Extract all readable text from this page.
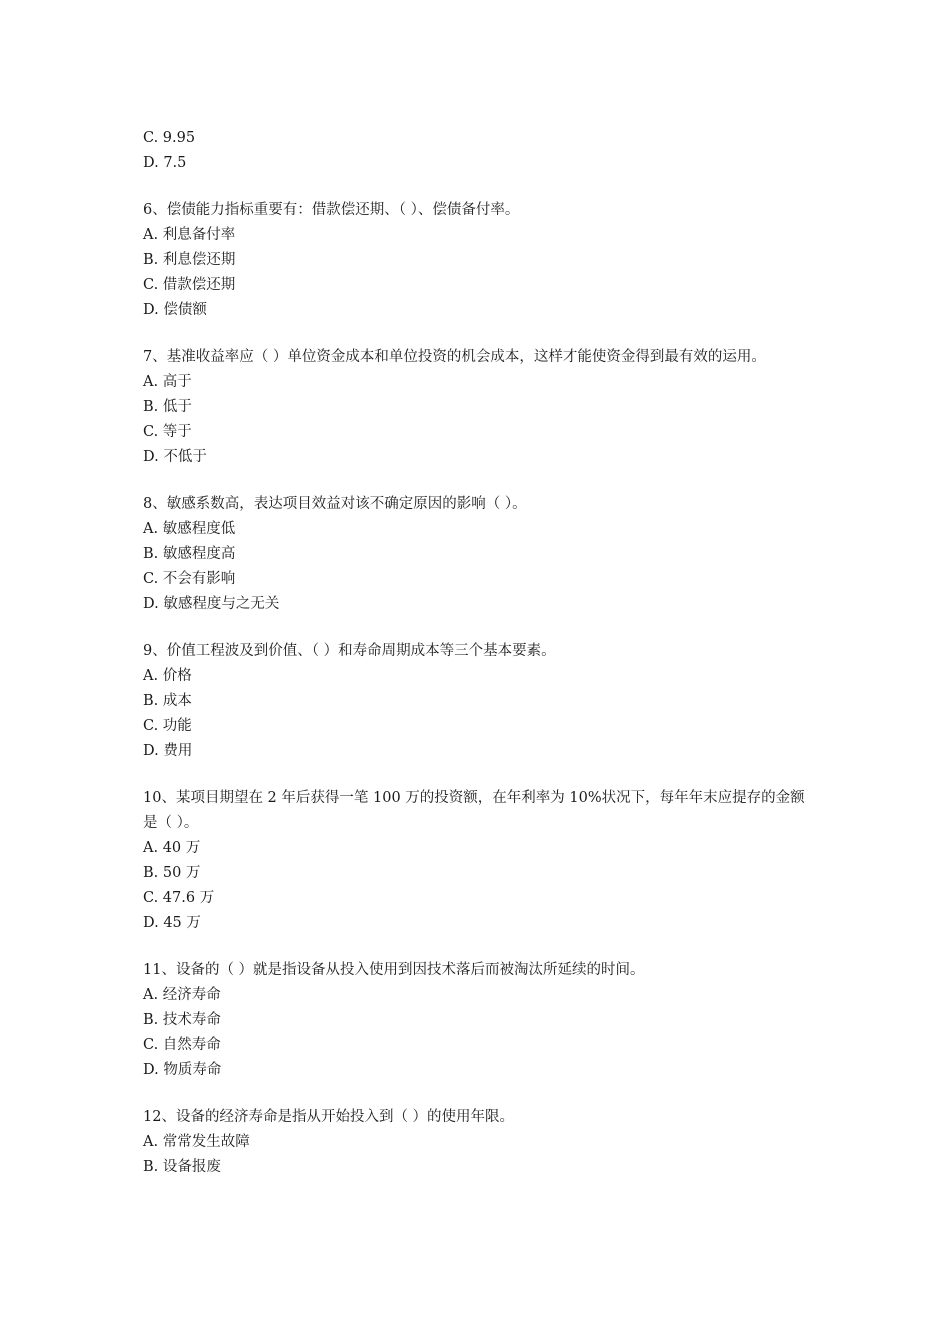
C. 9.95

D. 7.5

6、偿债能力指标重要有：借款偿还期、（ ）、偿债备付率。

A. 利息备付率

B. 利息偿还期

C. 借款偿还期

D. 偿债额

7、基准收益率应（ ）单位资金成本和单位投资的机会成本，这样才能使资金得到最有效的运用。

A. 高于

B. 低于

C. 等于

D. 不低于

8、敏感系数高，表达项目效益对该不确定原因的影响（ ）。

A. 敏感程度低

B. 敏感程度高

C. 不会有影响

D. 敏感程度与之无关

9、价值工程波及到价值、（ ）和寿命周期成本等三个基本要素。

A. 价格

B. 成本

C. 功能

D. 费用

10、某项目期望在 2 年后获得一笔 100 万的投资额，在年利率为 10%状况下，每年年末应提存的金额是（ ）。

A. 40 万

B. 50 万

C. 47.6 万

D. 45 万

11、设备的（ ）就是指设备从投入使用到因技术落后而被淘汰所延续的时间。

A. 经济寿命

B. 技术寿命

C. 自然寿命

D. 物质寿命

12、设备的经济寿命是指从开始投入到（ ）的使用年限。

A. 常常发生故障

B. 设备报废
